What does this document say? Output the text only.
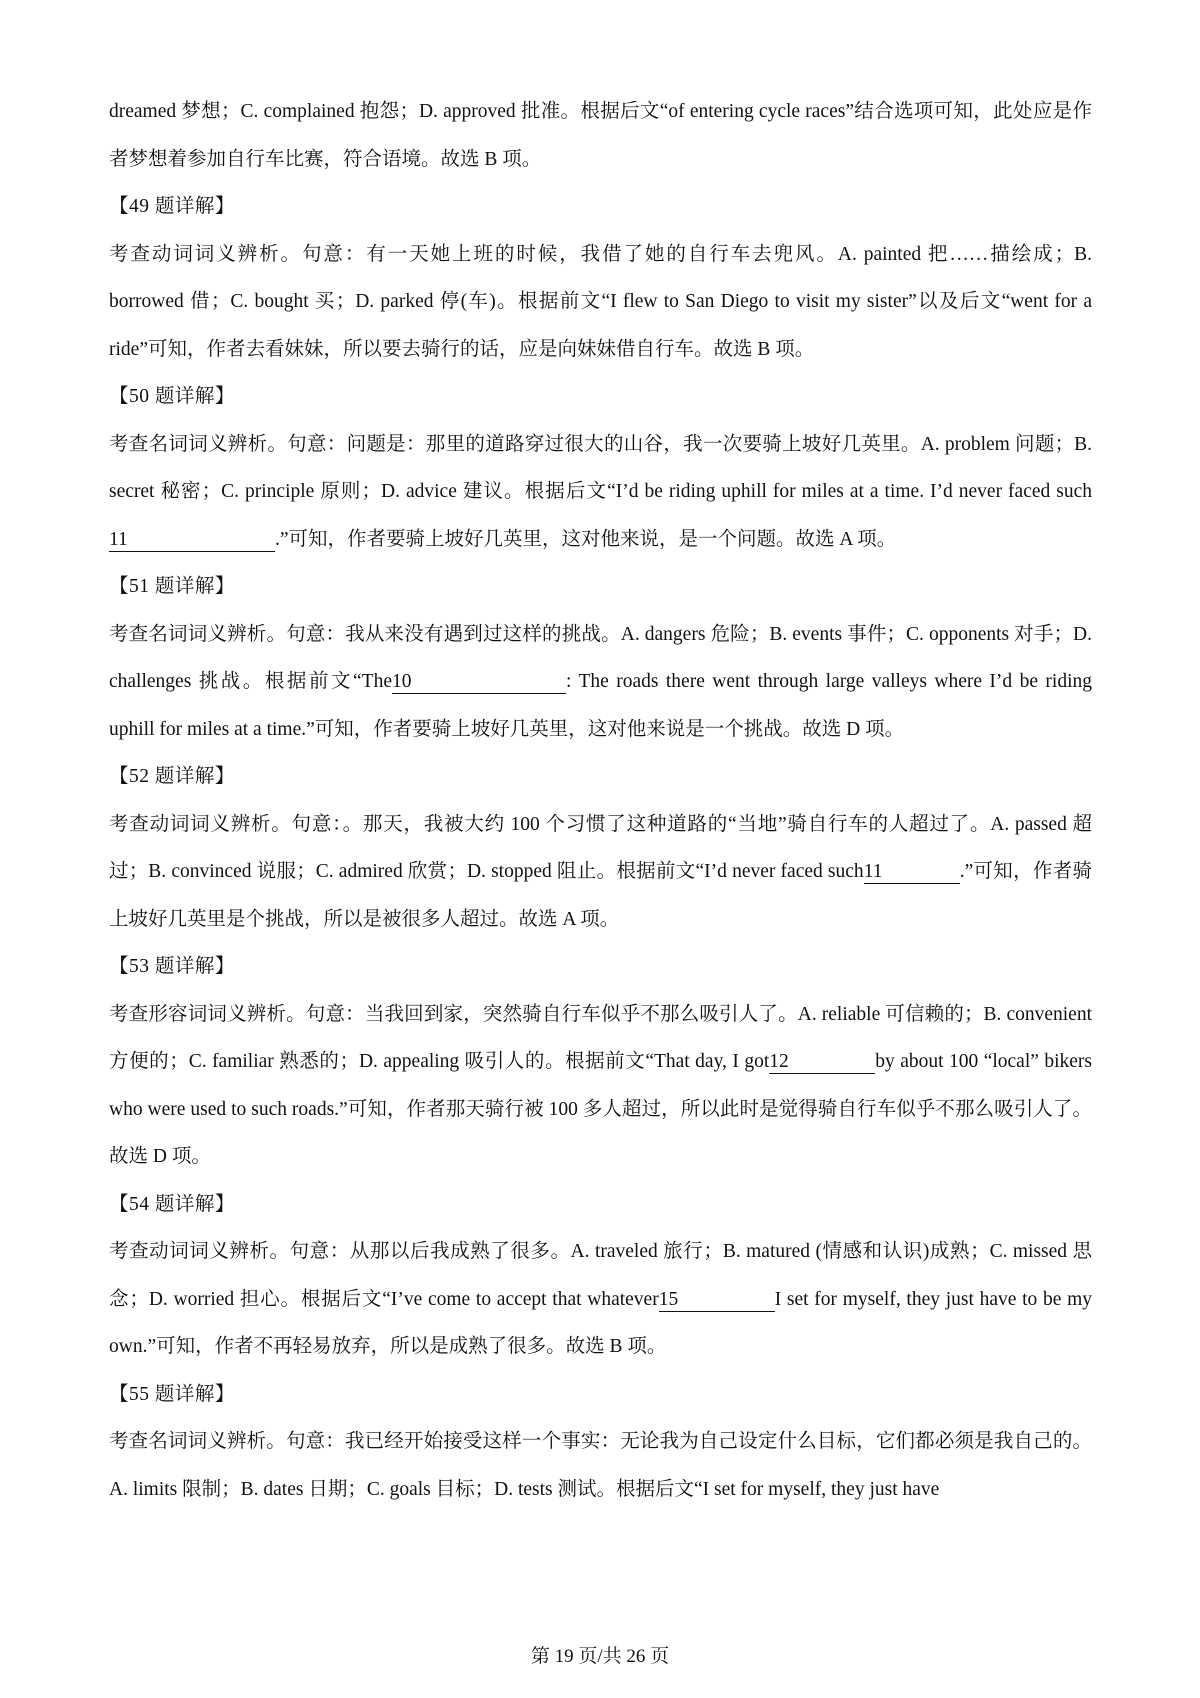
dreamed 梦想；C. complained 抱怨；D. approved 批准。根据后文“of entering cycle races”结合选项可知，此处应是作者梦想着参加自行车比赛，符合语境。故选 B 项。

【49 题详解】

考查动词词义辨析。句意：有一天她上班的时候，我借了她的自行车去兜风。A. painted 把……描绘成；B. borrowed 借；C. bought 买；D. parked 停(车)。根据前文“I flew to San Diego to visit my sister”以及后文“went for a ride”可知，作者去看妹妹，所以要去骑行的话，应是向妹妹借自行车。故选 B 项。

【50 题详解】

考查名词词义辨析。句意：问题是：那里的道路穿过很大的山谷，我一次要骑上坡好几英里。A. problem 问题；B. secret 秘密；C. principle 原则；D. advice 建议。根据后文“I’d be riding uphill for miles at a time. I’d never faced such11	.”可知，作者要骑上坡好几英里，这对他来说，是一个问题。故选 A 项。

【51 题详解】

考查名词词义辨析。句意：我从来没有遇到过这样的挑战。A. dangers 危险；B. events 事件；C. opponents 对手；D. challenges 挑战。根据前文“The10	: The roads there went through large valleys where I’d be riding uphill for miles at a time.”可知，作者要骑上坡好几英里，这对他来说是一个挑战。故选 D 项。

【52 题详解】

考查动词词义辨析。句意：。那天，我被大约 100 个习惯了这种道路的“当地”骑自行车的人超过了。A. passed 超过；B. convinced 说服；C. admired 欣赏；D. stopped 阻止。根据前文“I’d never faced such11	.”可知，作者骑上坡好几英里是个挑战，所以是被很多人超过。故选 A 项。

【53 题详解】

考查形容词词义辨析。句意：当我回到家，突然骑自行车似乎不那么吸引人了。A. reliable 可信赖的；B. convenient 方便的；C. familiar 熟悉的；D. appealing 吸引人的。根据前文“That day, I got12	by about 100 “local” bikers who were used to such roads.”可知，作者那天骑行被 100 多人超过，所以此时是觉得骑自行车似乎不那么吸引人了。故选 D 项。

【54 题详解】

考查动词词义辨析。句意：从那以后我成熟了很多。A. traveled 旅行；B. matured (情感和认识)成熟；C. missed 思念；D. worried 担心。根据后文“I’ve come to accept that whatever15	I set for myself, they just have to be my own.”可知，作者不再轻易放弃，所以是成熟了很多。故选 B 项。

【55 题详解】

考查名词词义辨析。句意：我已经开始接受这样一个事实：无论我为自己设定什么目标，它们都必须是我自己的。A. limits 限制；B. dates 日期；C. goals 目标；D. tests 测试。根据后文“I set for myself, they just have

第 19 页/共 26 页
